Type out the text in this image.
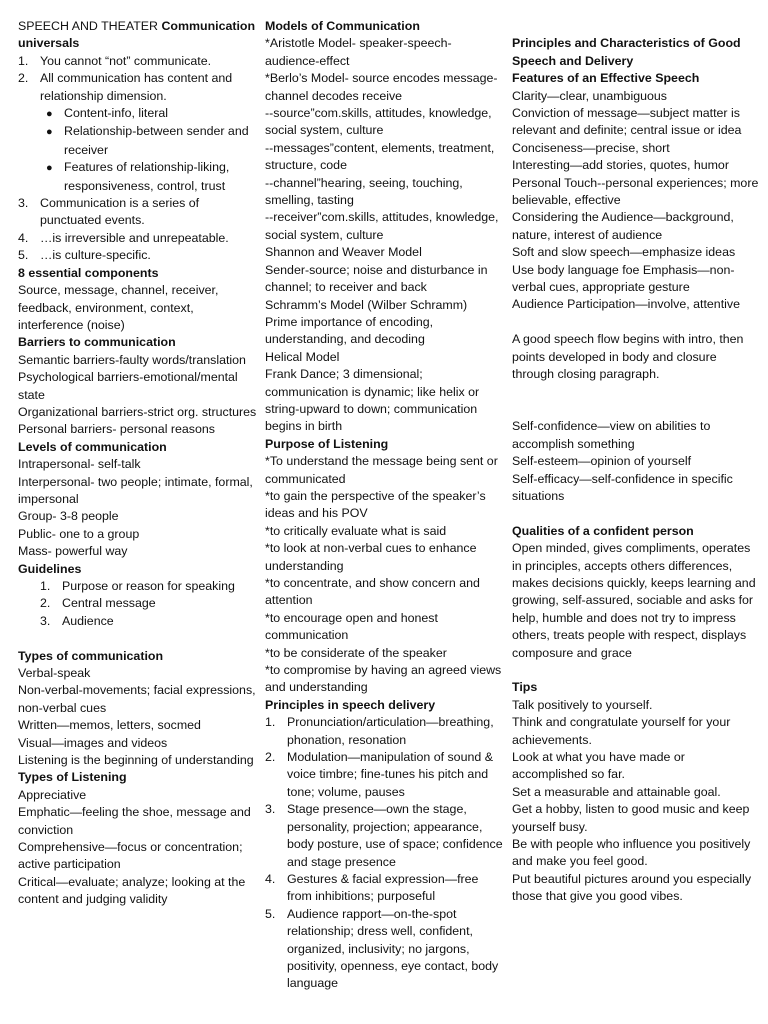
SPEECH AND THEATER Communication universals

1. You cannot “not” communicate.

2. All communication has content and relationship dimension.

● Content-info, literal

● Relationship-between sender and receiver

● Features of relationship-liking, responsiveness, control, trust

3. Communication is a series of punctuated events.

4. …is irreversible and unrepeatable.

5. …is culture-specific.

8 essential components

Source, message, channel, receiver, feedback, environment, context, interference (noise)

Barriers to communication

Semantic barriers-faulty words/translation

Psychological barriers-emotional/mental state

Organizational barriers-strict org. structures

Personal barriers- personal reasons

Levels of communication

Intrapersonal- self-talk

Interpersonal- two people; intimate, formal, impersonal

Group- 3-8 people

Public- one to a group

Mass- powerful way

Guidelines

1. Purpose or reason for speaking

2. Central message

3. Audience

Types of communication

Verbal-speak

Non-verbal-movements; facial expressions, non-verbal cues

Written—memos, letters, socmed

Visual—images and videos

Listening is the beginning of understanding

Types of Listening

Appreciative

Emphatic—feeling the shoe, message and conviction

Comprehensive—focus or concentration; active participation

Critical—evaluate; analyze; looking at the content and judging validity

Models of Communication

*Aristotle Model- speaker-speech-audience-effect

*Berlo’s Model- source encodes message-channel decodes receive

--source”com.skills, attitudes, knowledge, social system, culture

--messages”content, elements, treatment, structure, code

--channel”hearing, seeing, touching, smelling, tasting

--receiver”com.skills, attitudes, knowledge, social system, culture

Shannon and Weaver Model

Sender-source; noise and disturbance in channel; to receiver and back

Schramm’s Model (Wilber Schramm)

Prime importance of encoding, understanding, and decoding

Helical Model

Frank Dance; 3 dimensional; communication is dynamic; like helix or string-upward to down; communication begins in birth

Purpose of Listening

*To understand the message being sent or communicated

*to gain the perspective of the speaker’s ideas and his POV

*to critically evaluate what is said

*to look at non-verbal cues to enhance understanding

*to concentrate, and show concern and attention

*to encourage open and honest communication

*to be considerate of the speaker

*to compromise by having an agreed views and understanding

Principles in speech delivery

1. Pronunciation/articulation—breathing, phonation, resonation

2. Modulation—manipulation of sound & voice timbre; fine-tunes his pitch and tone; volume, pauses

3. Stage presence—own the stage, personality, projection; appearance, body posture, use of space; confidence and stage presence

4. Gestures & facial expression—free from inhibitions; purposeful

5. Audience rapport—on-the-spot relationship; dress well, confident, organized, inclusivity; no jargons, positivity, openness, eye contact, body language

Principles and Characteristics of Good Speech and Delivery

Features of an Effective Speech

Clarity—clear, unambiguous

Conviction of message—subject matter is relevant and definite; central issue or idea

Conciseness—precise, short

Interesting—add stories, quotes, humor

Personal Touch--personal experiences; more believable, effective

Considering the Audience—background, nature, interest of audience

Soft and slow speech—emphasize ideas

Use body language foe Emphasis—non-verbal cues, appropriate gesture

Audience Participation—involve, attentive

A good speech flow begins with intro, then points developed in body and closure through closing paragraph.

Self-confidence—view on abilities to accomplish something

Self-esteem—opinion of yourself

Self-efficacy—self-confidence in specific situations

Qualities of a confident person

Open minded, gives compliments, operates in principles, accepts others differences, makes decisions quickly, keeps learning and growing, self-assured, sociable and asks for help, humble and does not try to impress others, treats people with respect, displays composure and grace

Tips

Talk positively to yourself.

Think and congratulate yourself for your achievements.

Look at what you have made or accomplished so far.

Set a measurable and attainable goal.

Get a hobby, listen to good music and keep yourself busy.

Be with people who influence you positively and make you feel good.

Put beautiful pictures around you especially those that give you good vibes.
